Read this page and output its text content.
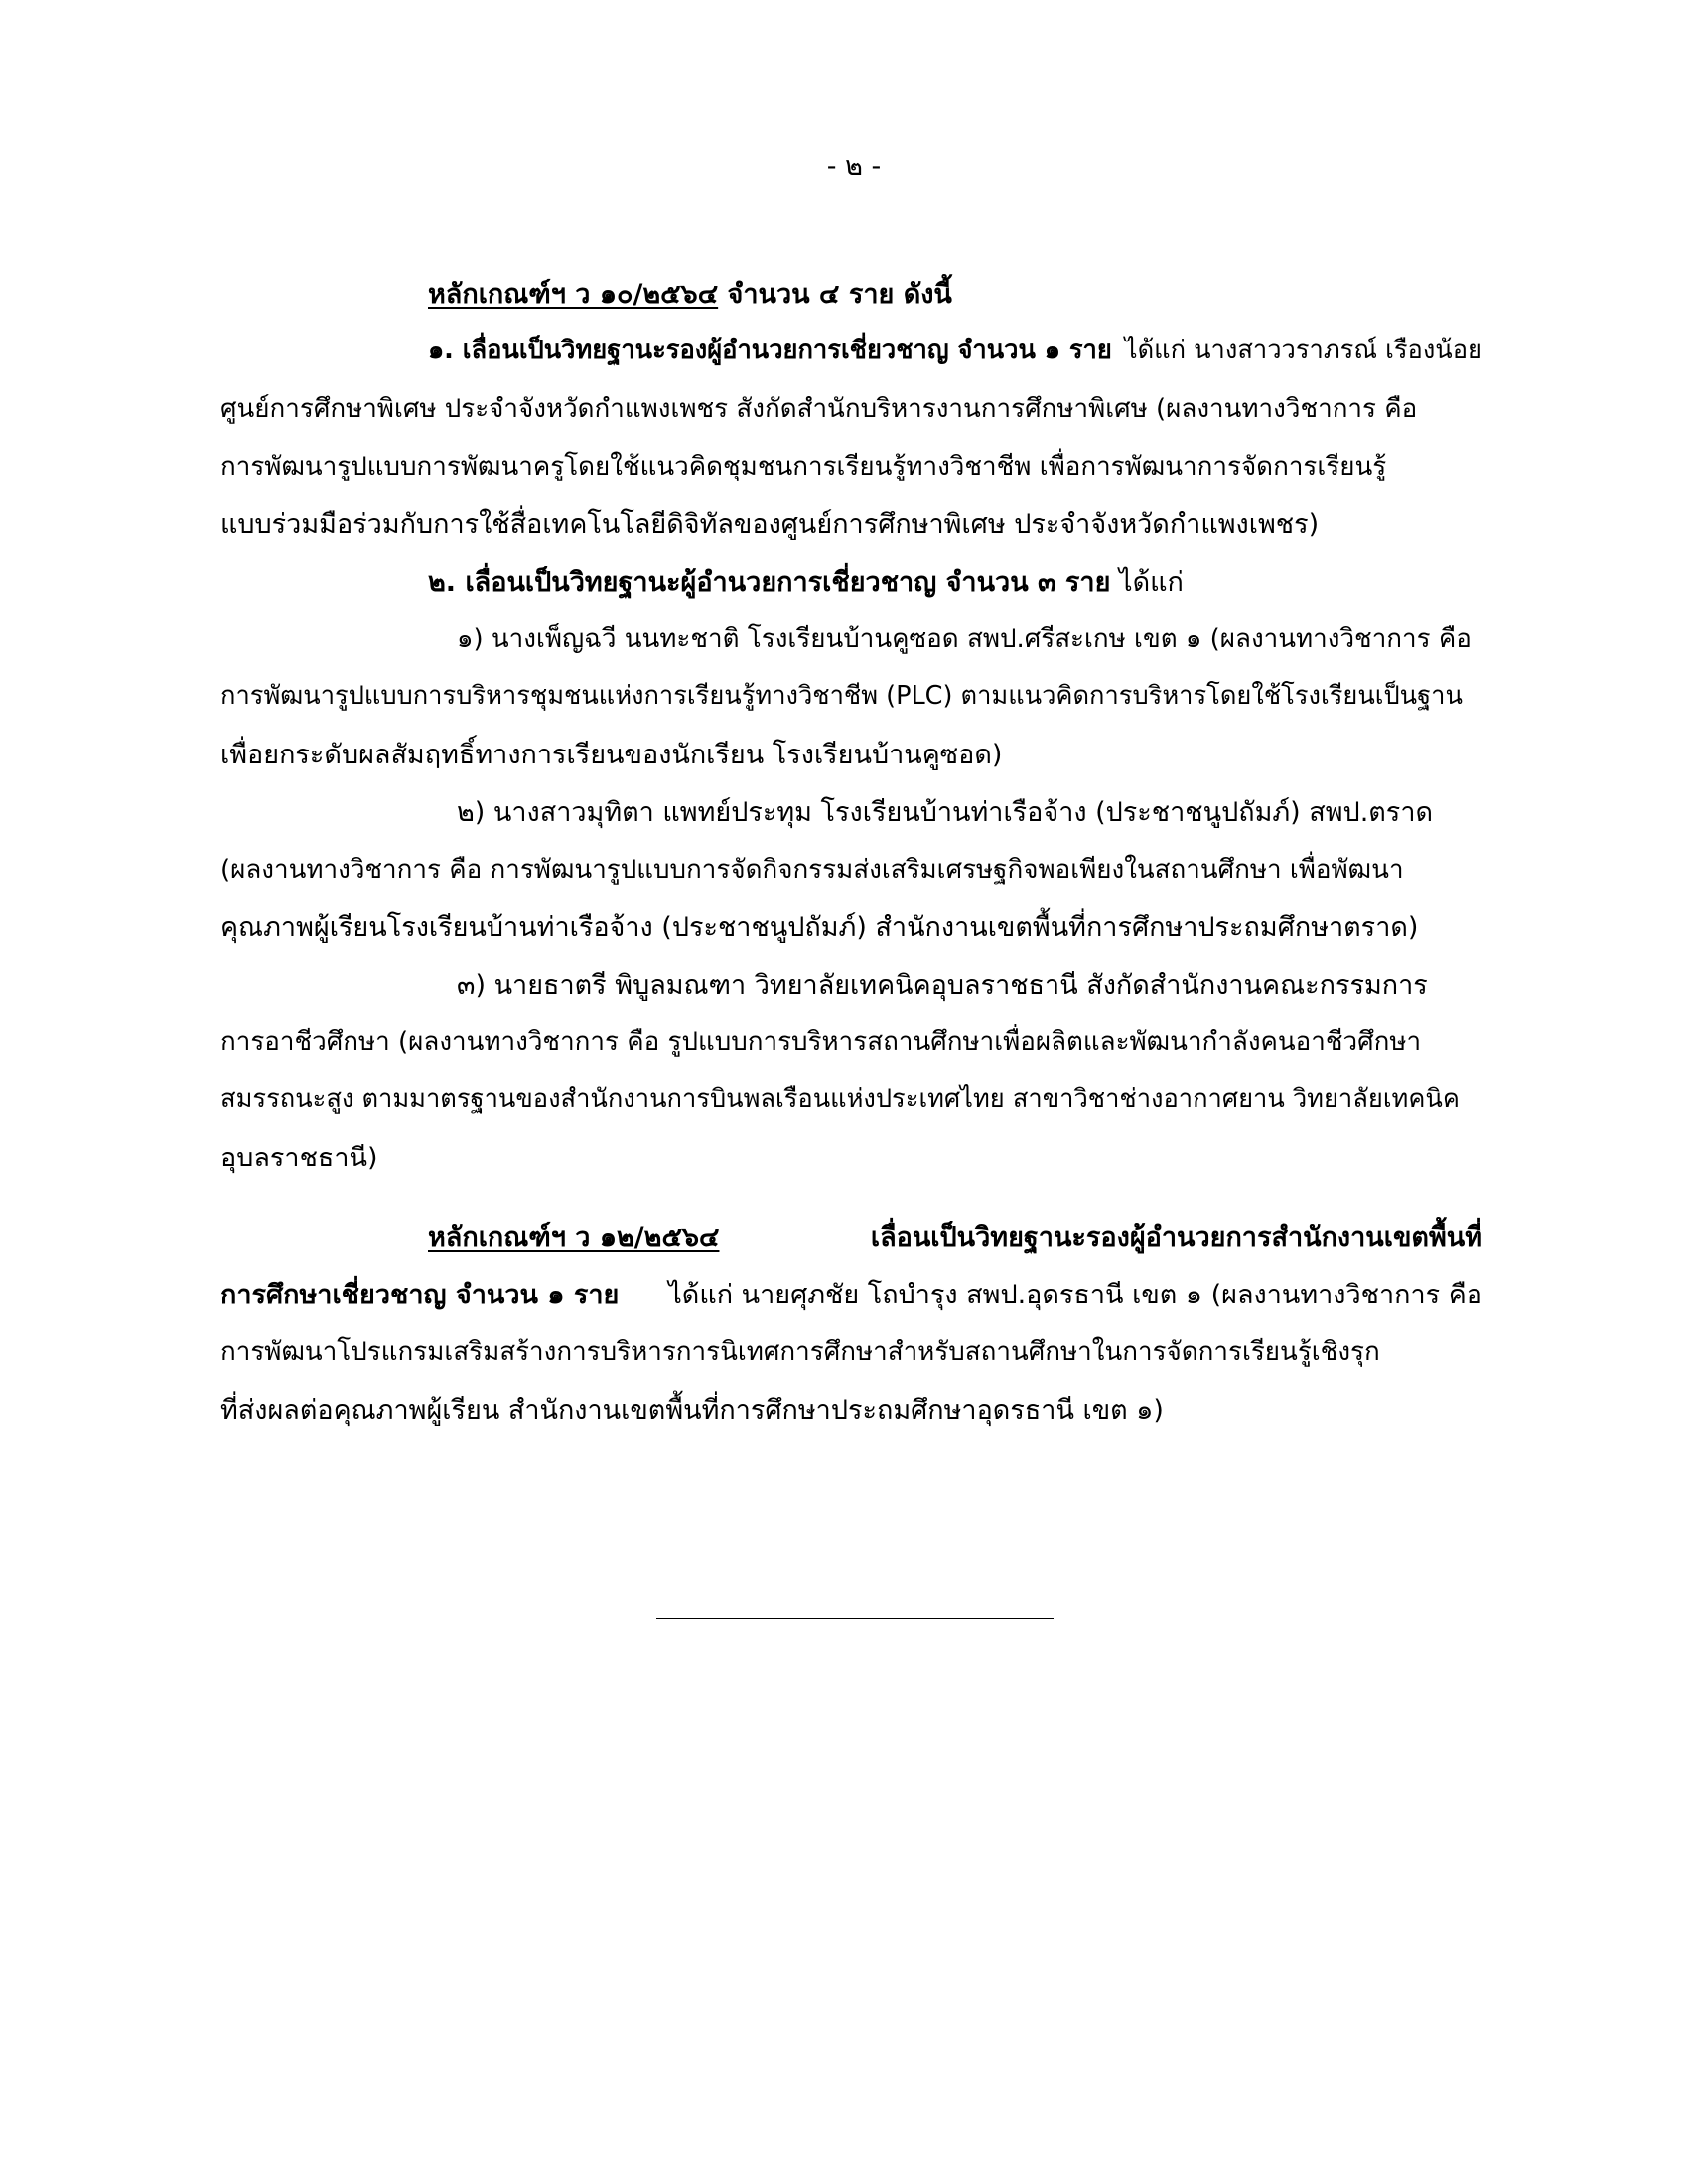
- ๒ -
หลักเกณฑ์ฯ ว ๑๐/๒๕๖๔ จำนวน ๔ ราย ดังนี้
๑. เลื่อนเป็นวิทยฐานะรองผู้อำนวยการเชี่ยวชาญ จำนวน ๑ ราย ได้แก่ นางสาววราภรณ์ เรืองน้อย
ศูนย์การศึกษาพิเศษ ประจำจังหวัดกำแพงเพชร สังกัดสำนักบริหารงานการศึกษาพิเศษ (ผลงานทางวิชาการ คือ
การพัฒนารูปแบบการพัฒนาครูโดยใช้แนวคิดชุมชนการเรียนรู้ทางวิชาชีพ เพื่อการพัฒนาการจัดการเรียนรู้
แบบร่วมมือร่วมกับการใช้สื่อเทคโนโลยีดิจิทัลของศูนย์การศึกษาพิเศษ ประจำจังหวัดกำแพงเพชร)
๒. เลื่อนเป็นวิทยฐานะผู้อำนวยการเชี่ยวชาญ จำนวน ๓ ราย ได้แก่
๑) นางเพ็ญฉวี นนทะชาติ โรงเรียนบ้านคูซอด สพป.ศรีสะเกษ เขต ๑ (ผลงานทางวิชาการ คือ
การพัฒนารูปแบบการบริหารชุมชนแห่งการเรียนรู้ทางวิชาชีพ (PLC) ตามแนวคิดการบริหารโดยใช้โรงเรียนเป็นฐาน
เพื่อยกระดับผลสัมฤทธิ์ทางการเรียนของนักเรียน โรงเรียนบ้านคูซอด)
๒) นางสาวมุทิตา แพทย์ประทุม โรงเรียนบ้านท่าเรือจ้าง (ประชาชนูปถัมภ์) สพป.ตราด
(ผลงานทางวิชาการ คือ การพัฒนารูปแบบการจัดกิจกรรมส่งเสริมเศรษฐกิจพอเพียงในสถานศึกษา เพื่อพัฒนา
คุณภาพผู้เรียนโรงเรียนบ้านท่าเรือจ้าง (ประชาชนูปถัมภ์) สำนักงานเขตพื้นที่การศึกษาประถมศึกษาตราด)
๓) นายธาตรี พิบูลมณฑา วิทยาลัยเทคนิคอุบลราชธานี สังกัดสำนักงานคณะกรรมการ
การอาชีวศึกษา (ผลงานทางวิชาการ คือ รูปแบบการบริหารสถานศึกษาเพื่อผลิตและพัฒนากำลังคนอาชีวศึกษา
สมรรถนะสูง ตามมาตรฐานของสำนักงานการบินพลเรือนแห่งประเทศไทย สาขาวิชาช่างอากาศยาน วิทยาลัยเทคนิค
อุบลราชธานี)
หลักเกณฑ์ฯ ว ๑๒/๒๕๖๔	เลื่อนเป็นวิทยฐานะรองผู้อำนวยการสำนักงานเขตพื้นที่
การศึกษาเชี่ยวชาญ จำนวน ๑ ราย ได้แก่ นายศุภชัย โถบำรุง สพป.อุดรธานี เขต ๑ (ผลงานทางวิชาการ คือ
การพัฒนาโปรแกรมเสริมสร้างการบริหารการนิเทศการศึกษาสำหรับสถานศึกษาในการจัดการเรียนรู้เชิงรุก
ที่ส่งผลต่อคุณภาพผู้เรียน สำนักงานเขตพื้นที่การศึกษาประถมศึกษาอุดรธานี เขต ๑)
